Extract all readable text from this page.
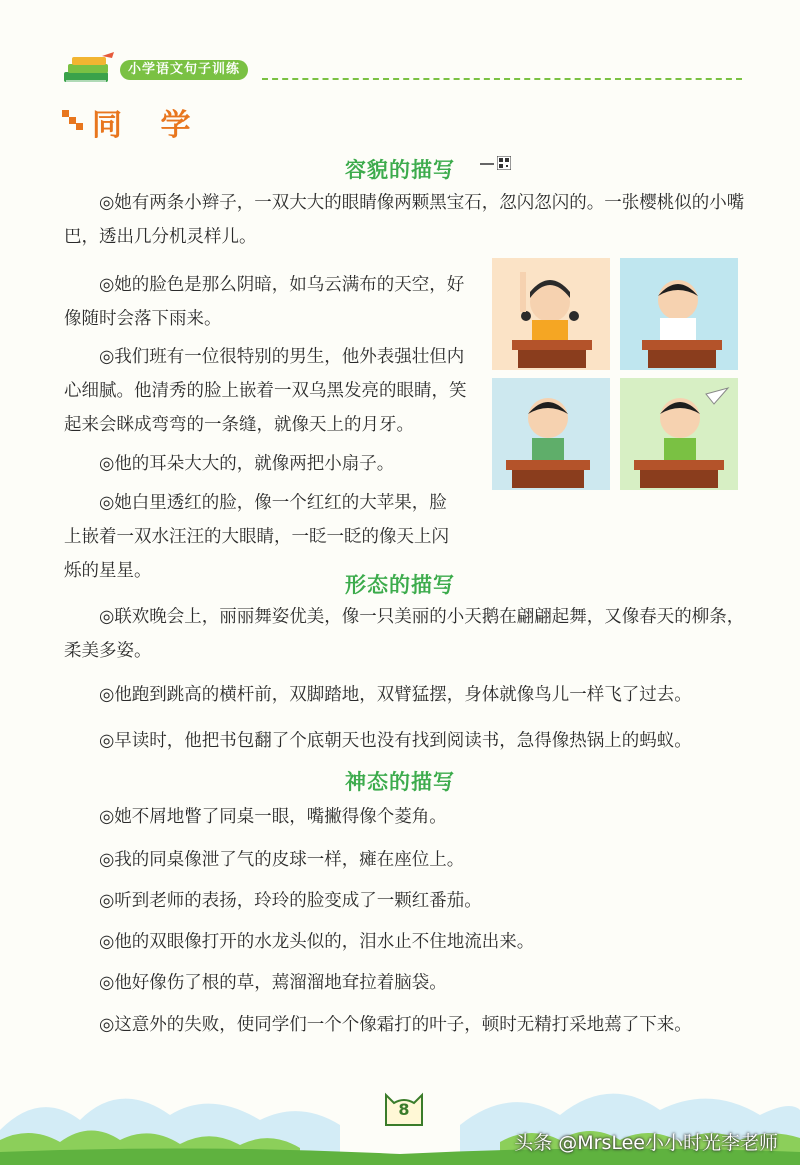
小学语文句子训练
同 学
容貌的描写
◎她有两条小辫子，一双大大的眼睛像两颗黑宝石，忽闪忽闪的。一张樱桃似的小嘴巴，透出几分机灵样儿。
◎她的脸色是那么阴暗，如乌云满布的天空，好像随时会落下雨来。
◎我们班有一位很特别的男生，他外表强壮但内心细腻。他清秀的脸上嵌着一双乌黑发亮的眼睛，笑起来会眯成弯弯的一条缝，就像天上的月牙。
◎他的耳朵大大的，就像两把小扇子。
◎她白里透红的脸，像一个红红的大苹果，脸上嵌着一双水汪汪的大眼睛，一眨一眨的像天上闪烁的星星。
形态的描写
◎联欢晚会上，丽丽舞姿优美，像一只美丽的小天鹅在翩翩起舞，又像春天的柳条，柔美多姿。
◎他跑到跳高的横杆前，双脚踏地，双臂猛摆，身体就像鸟儿一样飞了过去。
◎早读时，他把书包翻了个底朝天也没有找到阅读书，急得像热锅上的蚂蚁。
神态的描写
◎她不屑地瞥了同桌一眼，嘴撇得像个菱角。
◎我的同桌像泄了气的皮球一样，瘫在座位上。
◎听到老师的表扬，玲玲的脸变成了一颗红番茄。
◎他的双眼像打开的水龙头似的，泪水止不住地流出来。
◎他好像伤了根的草，蔫溜溜地耷拉着脑袋。
◎这意外的失败，使同学们一个个像霜打的叶子，顿时无精打采地蔫了下来。
8
头条 @MrsLee小小时光李老师
